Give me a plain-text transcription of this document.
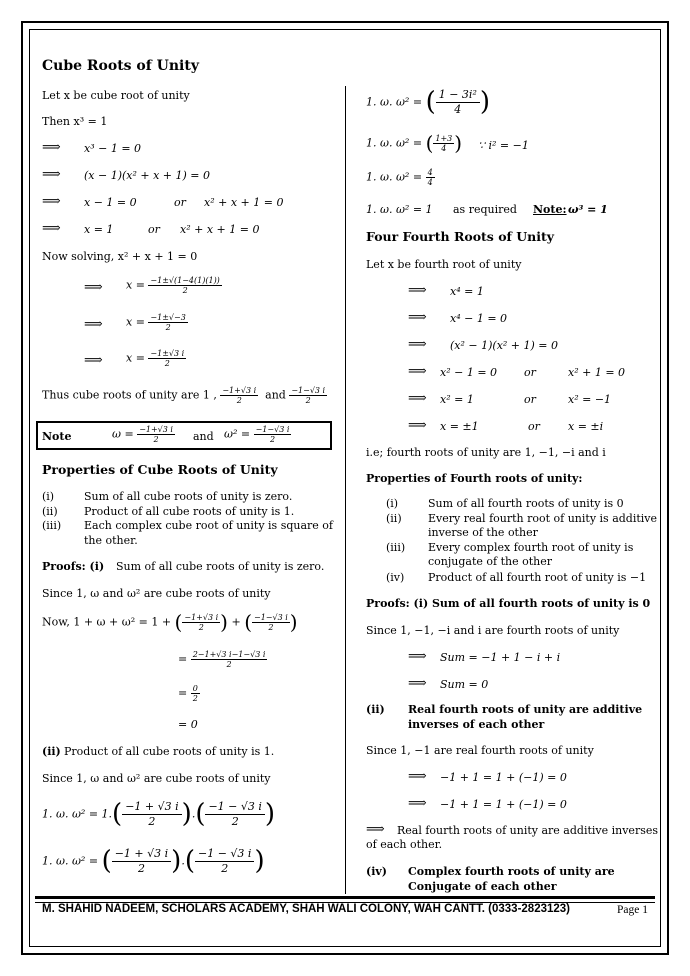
Cube Roots of Unity
Let x be cube root of unity
Then x³ = 1
⟹ x³ − 1 = 0
⟹ (x − 1)(x² + x + 1) = 0
⟹ x − 1 = 0	or x² + x + 1 = 0
⟹ x = 1	or x² + x + 1 = 0
Now solving, x² + x + 1 = 0
⟹ $x = \frac{-1\pm√(1-4(1)(1))}{2}$
⟹ $x = \frac{-1\pm√-3}{2}$
⟹ $x = \frac{-1\pm√3 i}{2}$
Thus cube roots of unity are 1 , $\frac{-1+√3 i}{2}$ and $\frac{-1-√3 i}{2}$
Note	$\omega = \frac{-1+√3 i}{2}$ and $\omega^2 = \frac{-1-√3 i}{2}$
Properties of Cube Roots of Unity
(i)	Sum of all cube roots of unity is zero.
(ii) Product of all cube roots of unity is 1.
(iii) Each complex cube root of unity is square of
the other.
Proofs: (i) Sum of all cube roots of unity is zero.
Since 1, ω and ω² are cube roots of unity
Now, 1 + ω + ω² = 1 + ( $\frac{-1+√3 i}{2}$ ) + ( $\frac{-1-√3 i}{2}$ )
= $\frac{2-1+√3 i-1-√3 i}{2}$
= $\frac{0}{2}$
= 0
(ii) Product of all cube roots of unity is 1.
Since 1, ω and ω² are cube roots of unity
1. ω. $\omega^2 = 1.( \frac{-1 + √3 i}{2}$ ).( $\frac{-1 - √3 i}{2}$ )
1. ω. ω² = ( $\frac{-1 + √3 i}{2}$ ).( $\frac{-1 - √3 i}{2}$ )
1. ω. ω² = ( $\frac{\text{1 − 3i²}}{4}$ )
1. ω. ω² = ( $\frac{1+3}{4}$ ) ∵ i² = −1
1. ω. $\omega^2 = \frac{4}{4}$
1. ω. ω² = 1 as required Note: ω³ = 1
Four Fourth Roots of Unity
Let x be fourth root of unity
⟹ x⁴ = 1
⟹ x⁴ − 1 = 0
⟹ (x² − 1)(x² + 1) = 0
⟹ x² − 1 = 0 or	x² + 1 = 0
⟹ x² = 1	or	x² = −1
⟹ x = ±1	or	x = ±i
i.e; fourth roots of unity are 1, −1, −i and i
Properties of Fourth roots of unity:
(i)	Sum of all fourth roots of unity is 0
(ii) Every real fourth root of unity is additive
inverse of the other
(iii) Every complex fourth root of unity is
conjugate of the other
(iv) Product of all fourth root of unity is −1
Proofs: (i) Sum of all fourth roots of unity is 0
Since 1, −1, −i and i are fourth roots of unity
⟹ Sum = −1 + 1 − i + i
⟹ Sum = 0
(ii) Real fourth roots of unity are additive
inverses of each other
Since 1, −1 are real fourth roots of unity
⟹ −1 + 1 = 1 + (−1) = 0
⟹ −1 + 1 = 1 + (−1) = 0
⟹ Real fourth roots of unity are additive inverses
of each other.
(iv) Complex fourth roots of unity are
Conjugate of each other
M. SHAHID NADEEM, SCHOLARS ACADEMY, SHAH WALI COLONY, WAH CANTT. (0333-2823123)	Page 1
